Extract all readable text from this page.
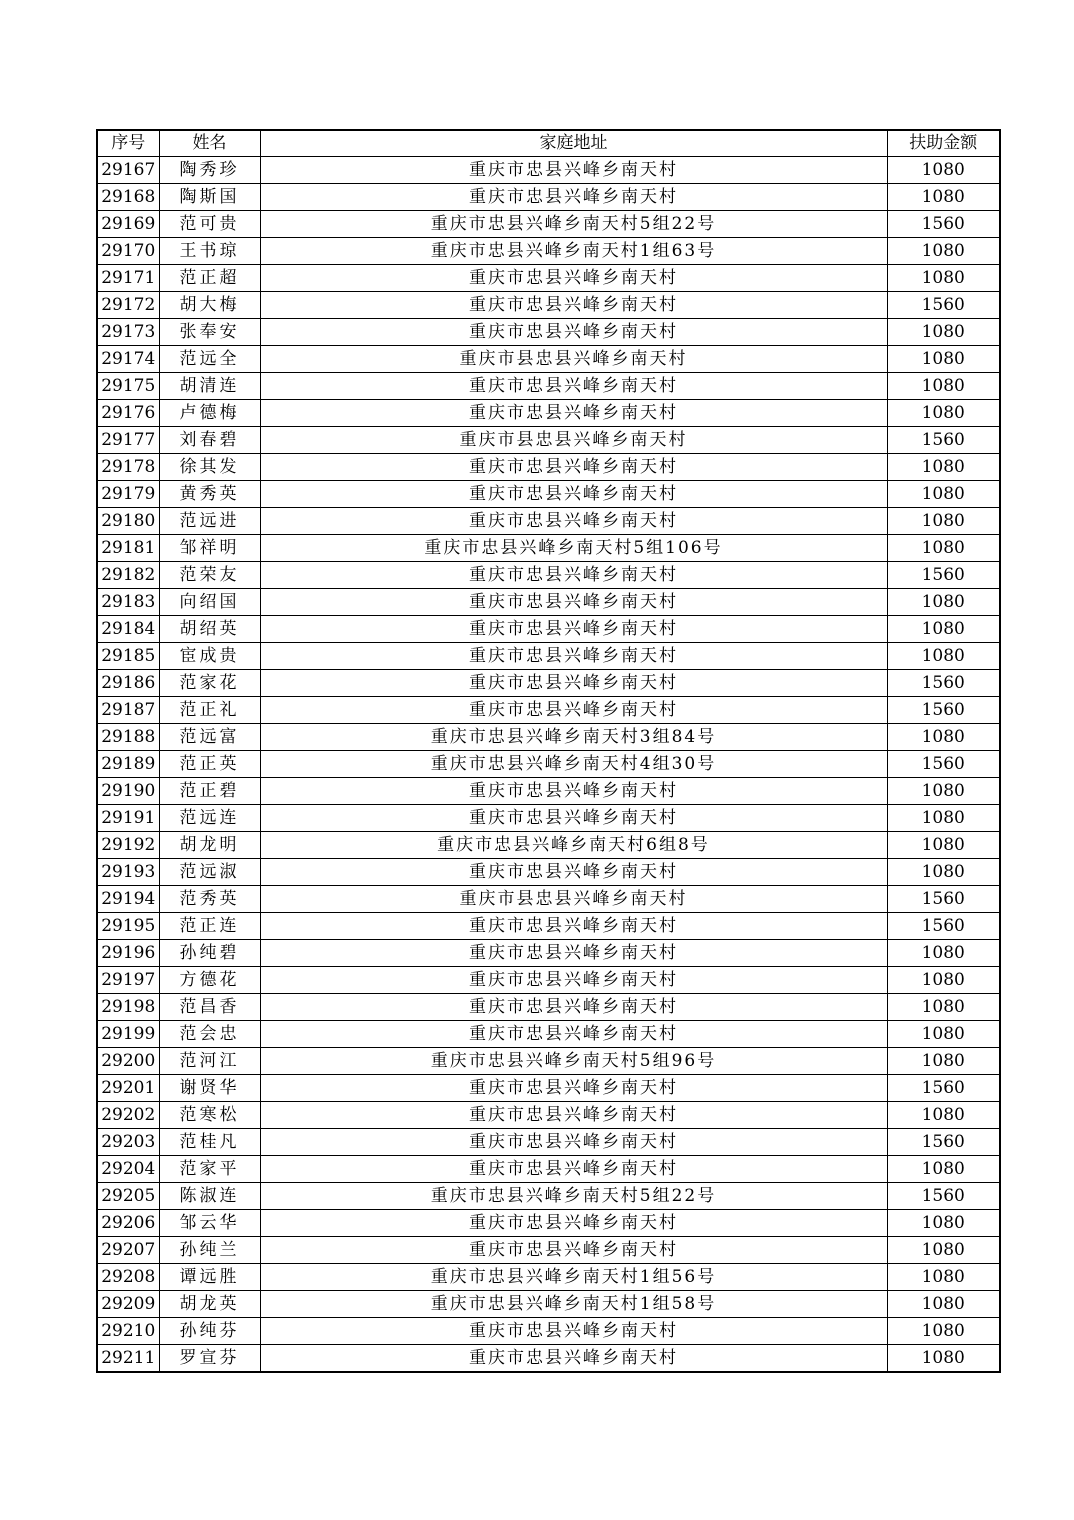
序号	姓名	家庭地址	扶助金额
29167	陶秀珍	重庆市忠县兴峰乡南天村	1080
29168	陶斯国	重庆市忠县兴峰乡南天村	1080
29169	范可贵	重庆市忠县兴峰乡南天村5组22号	1560
29170	王书琼	重庆市忠县兴峰乡南天村1组63号	1080
29171	范正超	重庆市忠县兴峰乡南天村	1080
29172	胡大梅	重庆市忠县兴峰乡南天村	1560
29173	张奉安	重庆市忠县兴峰乡南天村	1080
29174	范远全	重庆市县忠县兴峰乡南天村	1080
29175	胡清连	重庆市忠县兴峰乡南天村	1080
29176	卢德梅	重庆市忠县兴峰乡南天村	1080
29177	刘春碧	重庆市县忠县兴峰乡南天村	1560
29178	徐其发	重庆市忠县兴峰乡南天村	1080
29179	黄秀英	重庆市忠县兴峰乡南天村	1080
29180	范远进	重庆市忠县兴峰乡南天村	1080
29181	邹祥明	重庆市忠县兴峰乡南天村5组106号	1080
29182	范荣友	重庆市忠县兴峰乡南天村	1560
29183	向绍国	重庆市忠县兴峰乡南天村	1080
29184	胡绍英	重庆市忠县兴峰乡南天村	1080
29185	宦成贵	重庆市忠县兴峰乡南天村	1080
29186	范家花	重庆市忠县兴峰乡南天村	1560
29187	范正礼	重庆市忠县兴峰乡南天村	1560
29188	范远富	重庆市忠县兴峰乡南天村3组84号	1080
29189	范正英	重庆市忠县兴峰乡南天村4组30号	1560
29190	范正碧	重庆市忠县兴峰乡南天村	1080
29191	范远连	重庆市忠县兴峰乡南天村	1080
29192	胡龙明	重庆市忠县兴峰乡南天村6组8号	1080
29193	范远淑	重庆市忠县兴峰乡南天村	1080
29194	范秀英	重庆市县忠县兴峰乡南天村	1560
29195	范正连	重庆市忠县兴峰乡南天村	1560
29196	孙纯碧	重庆市忠县兴峰乡南天村	1080
29197	方德花	重庆市忠县兴峰乡南天村	1080
29198	范昌香	重庆市忠县兴峰乡南天村	1080
29199	范会忠	重庆市忠县兴峰乡南天村	1080
29200	范河江	重庆市忠县兴峰乡南天村5组96号	1080
29201	谢贤华	重庆市忠县兴峰乡南天村	1560
29202	范寒松	重庆市忠县兴峰乡南天村	1080
29203	范桂凡	重庆市忠县兴峰乡南天村	1560
29204	范家平	重庆市忠县兴峰乡南天村	1080
29205	陈淑连	重庆市忠县兴峰乡南天村5组22号	1560
29206	邹云华	重庆市忠县兴峰乡南天村	1080
29207	孙纯兰	重庆市忠县兴峰乡南天村	1080
29208	谭远胜	重庆市忠县兴峰乡南天村1组56号	1080
29209	胡龙英	重庆市忠县兴峰乡南天村1组58号	1080
29210	孙纯芬	重庆市忠县兴峰乡南天村	1080
29211	罗宣芬	重庆市忠县兴峰乡南天村	1080
